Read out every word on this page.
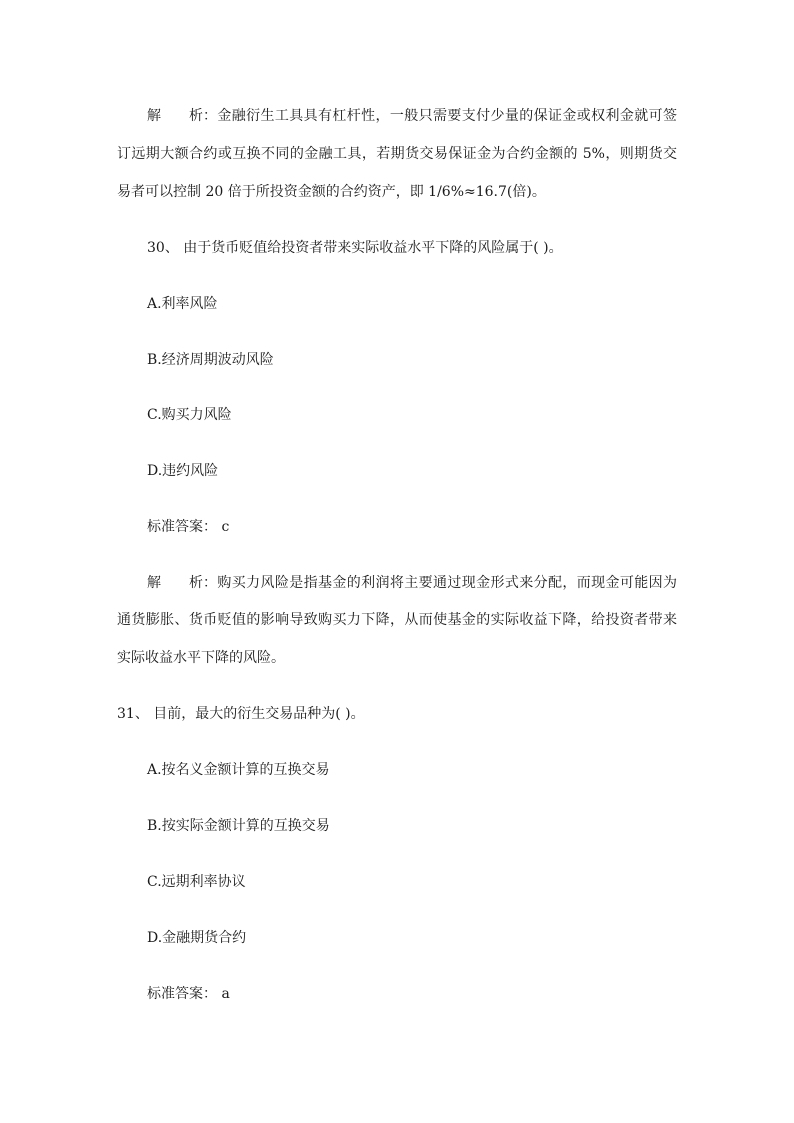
解 析：金融衍生工具具有杠杆性，一般只需要支付少量的保证金或权利金就可签
订远期大额合约或互换不同的金融工具，若期货交易保证金为合约金额的 5%，则期货交
易者可以控制 20 倍于所投资金额的合约资产，即 1/6%≈16.7(倍)。
30、 由于货币贬值给投资者带来实际收益水平下降的风险属于( )。
A.利率风险
B.经济周期波动风险
C.购买力风险
D.违约风险
标准答案： c
解 析：购买力风险是指基金的利润将主要通过现金形式来分配，而现金可能因为
通货膨胀、货币贬值的影响导致购买力下降，从而使基金的实际收益下降，给投资者带来
实际收益水平下降的风险。
31、 目前，最大的衍生交易品种为( )。
A.按名义金额计算的互换交易
B.按实际金额计算的互换交易
C.远期利率协议
D.金融期货合约
标准答案： a
